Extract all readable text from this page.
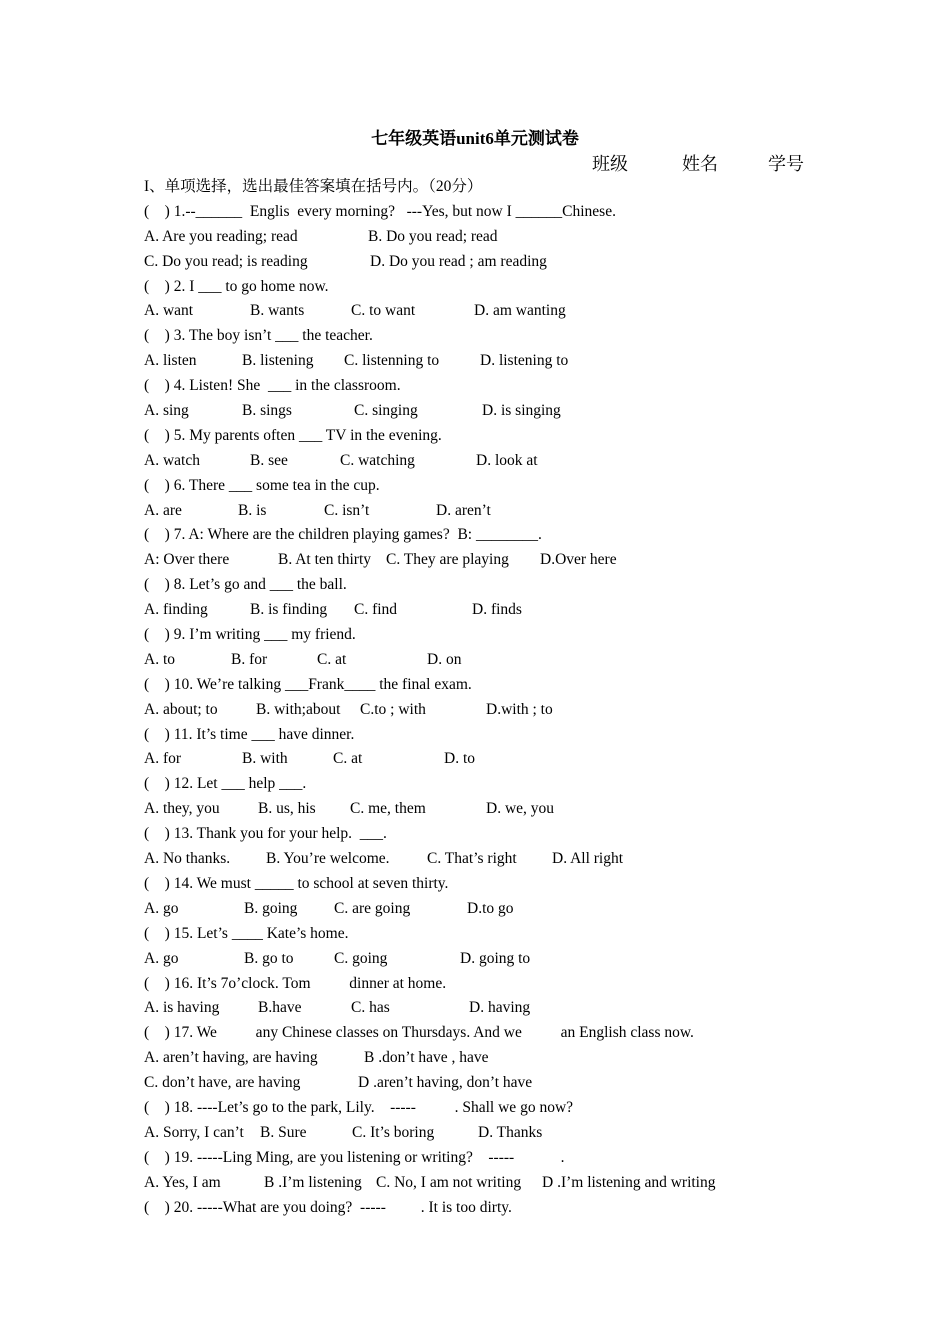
七年级英语unit6单元测试卷
班级	姓名	学号
I、单项选择，选出最佳答案填在括号内。（20分）
(    ) 1.--______  Englis  every morning?   ---Yes, but now I ______Chinese.
A. Are you reading; read	B. Do you read; read
C. Do you read; is reading	D. Do you read ; am reading
(    ) 2. I ___ to go home now.
A. want	B. wants	C. to want	D. am wanting
(    ) 3. The boy isn’t ___ the teacher.
A. listen	B. listening C. listenning to	D. listening to
(    ) 4. Listen! She  ___ in the classroom.
A. sing	B. sings	C. singing	D. is singing
(    ) 5. My parents often ___ TV in the evening.
A. watch	B. see	C. watching	D. look at
(    ) 6. There ___ some tea in the cup.
A. are	B. is	C. isn’t	D. aren’t
(    ) 7. A: Where are the children playing games?  B: ________.
A: Over there	B. At ten thirty C. They are playing D.Over here
(    ) 8. Let’s go and ___ the ball.
A. finding	B. is finding C. find	D. finds
(    ) 9. I’m writing ___ my friend.
A. to	B. for	C. at	D. on
(    ) 10. We’re talking ___Frank____ the final exam.
A. about; to B. with;about C.to ; with	D.with ; to
(    ) 11. It’s time ___ have dinner.
A. for	B. with	C. at	D. to
(    ) 12. Let ___ help ___.
A. they, you B. us, his C. me, them	D. we, you
(    ) 13. Thank you for your help.  ___.
A. No thanks. B. You’re welcome. C. That’s right D. All right
(    ) 14. We must _____ to school at seven thirty.
A. go	B. going C. are going	D.to go
(    ) 15. Let’s ____ Kate’s home.
A. go	B. go to	C. going	D. going to
(    ) 16. It’s 7o’clock. Tom          dinner at home.
A. is having B.have	C. has	D. having
(    ) 17. We          any Chinese classes on Thursdays. And we          an English class now.
A. aren’t having, are having	B .don’t have , have
C. don’t have, are having	D .aren’t having, don’t have
(    ) 18. ----Let’s go to the park, Lily.    -----          . Shall we go now?
A. Sorry, I can’t B. Sure	C. It’s boring	D. Thanks
(    ) 19. -----Ling Ming, are you listening or writing?    -----            .
A. Yes, I am	B .I’m listening C. No, I am not writing D .I’m listening and writing
(    ) 20. -----What are you doing?  -----         . It is too dirty.
